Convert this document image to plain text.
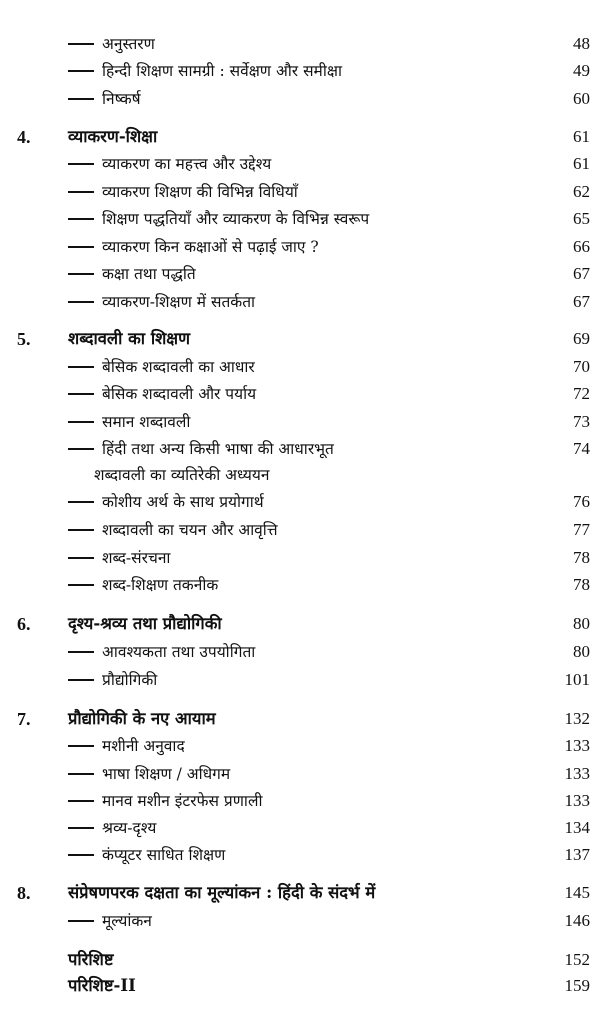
अनुस्तरण	48
हिन्दी शिक्षण सामग्री : सर्वेक्षण और समीक्षा	49
निष्कर्ष	60
4. व्याकरण-शिक्षा	61
व्याकरण का महत्त्व और उद्देश्य	61
व्याकरण शिक्षण की विभिन्न विधियाँ	62
शिक्षण पद्धतियाँ और व्याकरण के विभिन्न स्वरूप	65
व्याकरण किन कक्षाओं से पढ़ाई जाए ?	66
कक्षा तथा पद्धति	67
व्याकरण-शिक्षण में सतर्कता	67
5. शब्दावली का शिक्षण	69
बेसिक शब्दावली का आधार	70
बेसिक शब्दावली और पर्याय	72
समान शब्दावली	73
हिंदी तथा अन्य किसी भाषा की आधारभूत	74
शब्दावली का व्यतिरेकी अध्ययन
कोशीय अर्थ के साथ प्रयोगार्थ	76
शब्दावली का चयन और आवृत्ति	77
शब्द-संरचना	78
शब्द-शिक्षण तकनीक	78
6. दृश्य-श्रव्य तथा प्रौद्योगिकी	80
आवश्यकता तथा उपयोगिता	80
प्रौद्योगिकी	101
7. प्रौद्योगिकी के नए आयाम	132
मशीनी अनुवाद	133
भाषा शिक्षण / अधिगम	133
मानव मशीन इंटरफेस प्रणाली	133
श्रव्य-दृश्य	134
कंप्यूटर साधित शिक्षण	137
8. संप्रेषणपरक दक्षता का मूल्यांकन : हिंदी के संदर्भ में	145
मूल्यांकन	146
परिशिष्ट	152
परिशिष्ट-II	159
